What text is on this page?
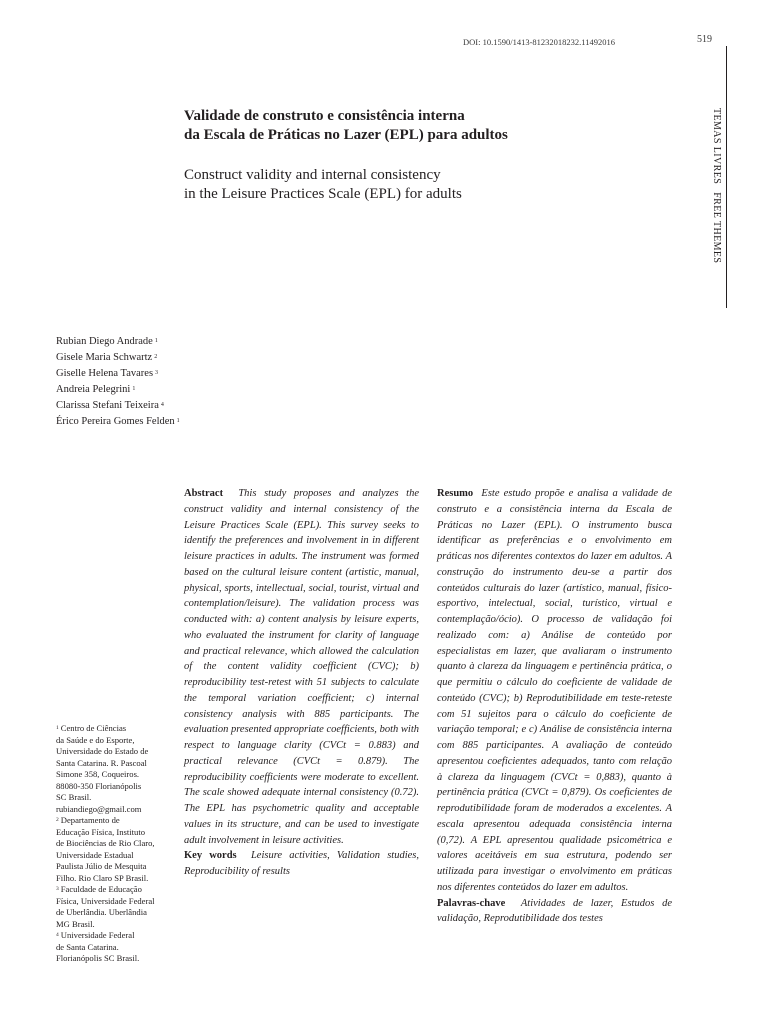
DOI: 10.1590/1413-81232018232.11492016	519
TEMAS LIVRESFREE THEMES
Validade de construto e consistência interna
da Escala de Práticas no Lazer (EPL) para adultos
Construct validity and internal consistency
in the Leisure Practices Scale (EPL) for adults
Rubian Diego Andrade $^1$
Gisele Maria Schwartz $^2$
Giselle Helena Tavares $^3$
Andreia Pelegrini $^1$
Clarissa Stefani Teixeira $^4$
Érico Pereira Gomes Felden $^1$
$^1$ Centro de Ciências
da Saúde e do Esporte,
Universidade do Estado de
Santa Catarina. R. Pascoal
Simone 358, Coqueiros.
88080-350 Florianópolis
SC Brasil.
rubiandiego@gmail.com
$^2$ Departamento de
Educação Física, Instituto
de Biociências de Rio Claro,
Universidade Estadual
Paulista Júlio de Mesquita
Filho. Rio Claro SP Brasil.
$^3$ Faculdade de Educação
Física, Universidade Federal
de Uberlândia. Uberlândia
MG Brasil.
$^4$ Universidade Federal
de Santa Catarina.
Florianópolis SC Brasil.

Abstract This study proposes and analyzes the construct validity and internal consistency of the Leisure Practices Scale (EPL). This survey seeks to identify the preferences and involvement in in different leisure practices in adults. The instrument was formed based on the cultural leisure content (artistic, manual, physical, sports, intellectual, social, tourist, virtual and contemplation/leisure). The validation process was conducted with: a) content analysis by leisure experts, who evaluated the instrument for clarity of language and practical relevance, which allowed the calculation of the content validity coefficient (CVC); b) reproducibility test-retest with 51 subjects to calculate the temporal variation coefficient; c) internal consistency analysis with 885 participants. The evaluation presented appropriate coefficients, both with respect to language clarity (CVCt = 0.883) and practical relevance (CVCt = 0.879). The reproducibility coefficients were moderate to excellent. The scale showed adequate internal consistency (0.72). The EPL has psychometric quality and acceptable values in its structure, and can be used to investigate adult involvement in leisure activities.

Key words Leisure activities, Validation studies, Reproducibility of results

Resumo Este estudo propõe e analisa a validade de construto e a consistência interna da Escala de Práticas no Lazer (EPL). O instrumento busca identificar as preferências e o envolvimento em práticas nos diferentes contextos do lazer em adultos. A construção do instrumento deu-se a partir dos conteúdos culturais do lazer (artístico, manual, físico-esportivo, intelectual, social, turístico, virtual e contemplação/ócio). O processo de validação foi realizado com: a) Análise de conteúdo por especialistas em lazer, que avaliaram o instrumento quanto à clareza da linguagem e pertinência prática, o que permitiu o cálculo do coeficiente de validade de conteúdo (CVC); b) Reprodutibilidade em teste-reteste com 51 sujeitos para o cálculo do coeficiente de variação temporal; e c) Análise de consistência interna com 885 participantes. A avaliação de conteúdo apresentou coeficientes adequados, tanto com relação à clareza da linguagem (CVCt = 0,883), quanto à pertinência prática (CVCt = 0,879). Os coeficientes de reprodutibilidade foram de moderados a excelentes. A escala apresentou adequada consistência interna (0,72). A EPL apresentou qualidade psicométrica e valores aceitáveis em sua estrutura, podendo ser utilizada para investigar o envolvimento em práticas nos diferentes conteúdos do lazer em adultos.

Palavras-chave Atividades de lazer, Estudos de validação, Reprodutibilidade dos testes
